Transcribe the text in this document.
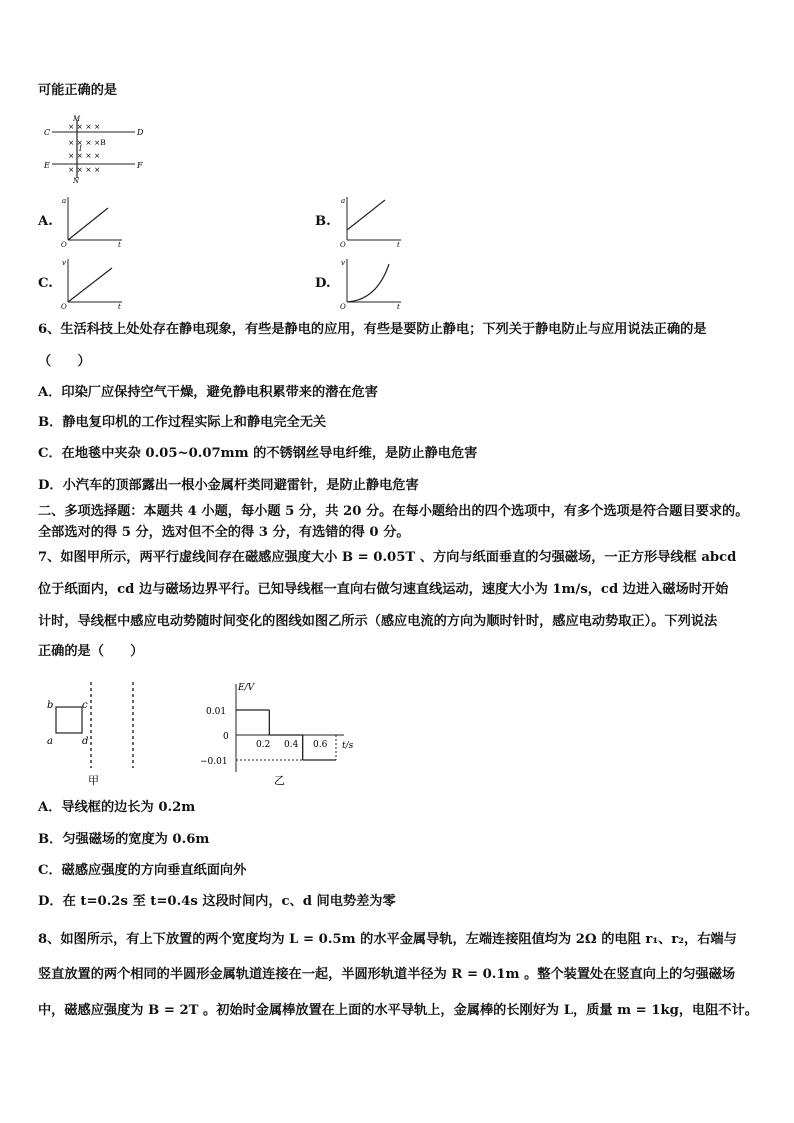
可能正确的是
C	D
E	F
M
N
I
× × × ×
× × × ×B
× × × ×
× × × ×
A.
a
t
O
B.
a
t
O
C.
v
t
O
D.
v
t
O
6、生活科技上处处存在静电现象，有些是静电的应用，有些是要防止静电；下列关于静电防止与应用说法正确的是
（　　）
A．印染厂应保持空气干燥，避免静电积累带来的潜在危害
B．静电复印机的工作过程实际上和静电完全无关
C．在地毯中夹杂 0.05~0.07mm 的不锈钢丝导电纤维，是防止静电危害
D．小汽车的顶部露出一根小金属杆类同避雷针，是防止静电危害
二、多项选择题：本题共 4 小题，每小题 5 分，共 20 分。在每小题给出的四个选项中，有多个选项是符合题目要求的。
全部选对的得 5 分，选对但不全的得 3 分，有选错的得 0 分。
7、如图甲所示，两平行虚线间存在磁感应强度大小 B = 0.05T 、方向与纸面垂直的匀强磁场，一正方形导线框 abcd
位于纸面内，cd 边与磁场边界平行。已知导线框一直向右做匀速直线运动，速度大小为 1m/s，cd 边进入磁场时开始
计时，导线框中感应电动势随时间变化的图线如图乙所示（感应电流的方向为顺时针时，感应电动势取正）。下列说法
正确的是（　　）
b
a
c
d
甲
E/V
t/s
0
0.01
−0.01
0.2 0.4 0.6
乙
A．导线框的边长为 0.2m
B．匀强磁场的宽度为 0.6m
C．磁感应强度的方向垂直纸面向外
D．在 t=0.2s 至 t=0.4s 这段时间内，c、d 间电势差为零
8、如图所示，有上下放置的两个宽度均为 L = 0.5m 的水平金属导轨，左端连接阻值均为 2Ω 的电阻 r₁、r₂，右端与
竖直放置的两个相同的半圆形金属轨道连接在一起，半圆形轨道半径为 R = 0.1m 。整个装置处在竖直向上的匀强磁场
中，磁感应强度为 B = 2T 。初始时金属棒放置在上面的水平导轨上，金属棒的长刚好为 L，质量 m = 1kg，电阻不计。
